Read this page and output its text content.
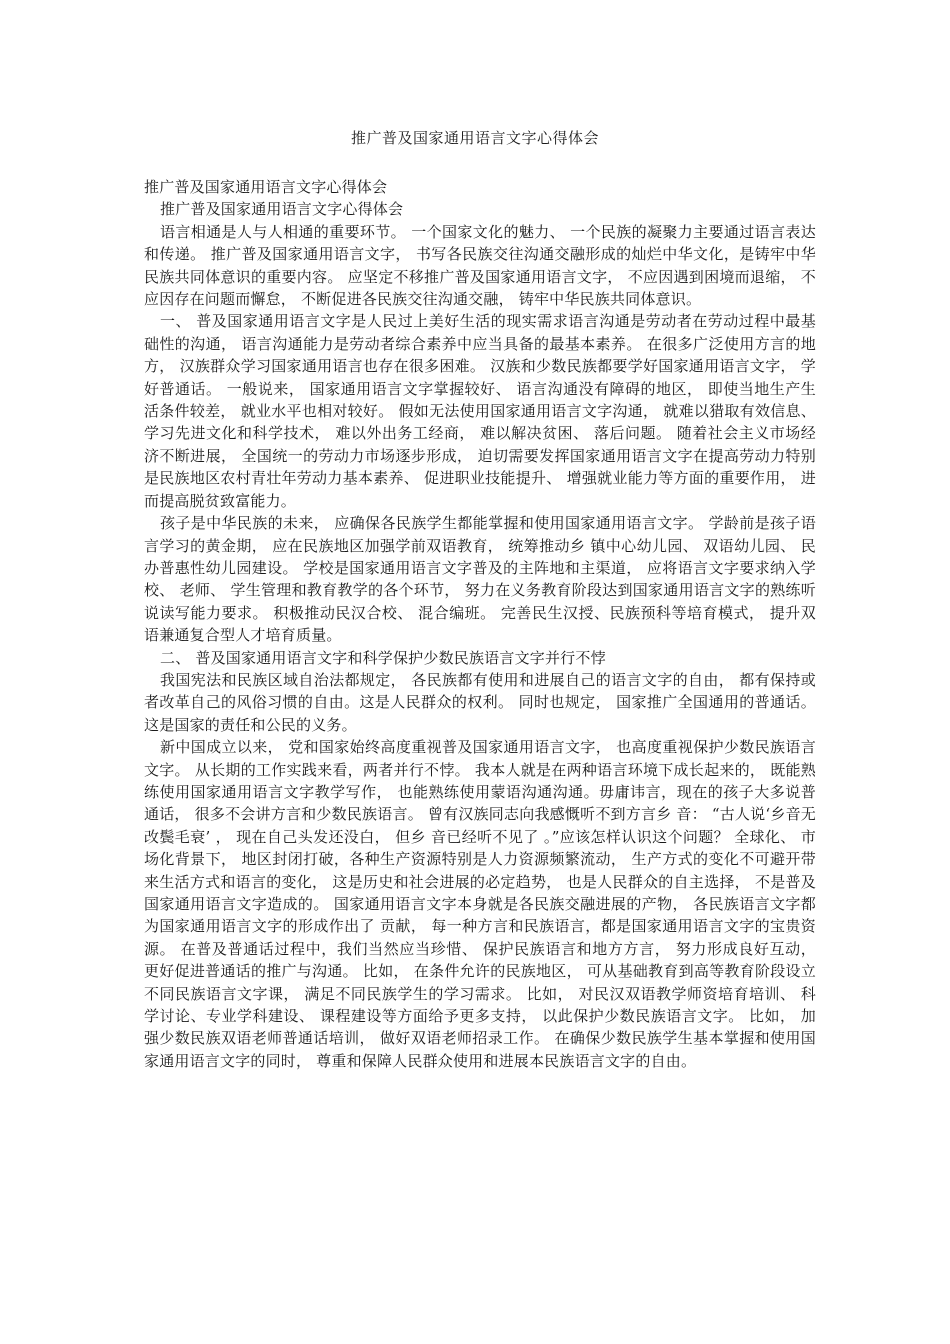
推广普及国家通用语言文字心得体会

推广普及国家通用语言文字心得体会

推广普及国家通用语言文字心得体会

语言相通是人与人相通的重要环节。 一个国家文化的魅力、 一个民族的凝聚力主要通过语言表达和传递。 推广普及国家通用语言文字， 书写各民族交往沟通交融形成的灿烂中华文化，是铸牢中华民族共同体意识的重要内容。 应坚定不移推广普及国家通用语言文字， 不应因遇到困境而退缩， 不应因存在问题而懈怠， 不断促进各民族交往沟通交融， 铸牢中华民族共同体意识。

一、 普及国家通用语言文字是人民过上美好生活的现实需求语言沟通是劳动者在劳动过程中最基础性的沟通， 语言沟通能力是劳动者综合素养中应当具备的最基本素养。 在很多广泛使用方言的地方， 汉族群众学习国家通用语言也存在很多困难。 汉族和少数民族都要学好国家通用语言文字， 学好普通话。 一般说来， 国家通用语言文字掌握较好、 语言沟通没有障碍的地区， 即使当地生产生活条件较差， 就业水平也相对较好。 假如无法使用国家通用语言文字沟通， 就难以猎取有效信息、 学习先进文化和科学技术， 难以外出务工经商， 难以解决贫困、 落后问题。 随着社会主义市场经济不断进展， 全国统一的劳动力市场逐步形成， 迫切需要发挥国家通用语言文字在提高劳动力特别是民族地区农村青壮年劳动力基本素养、 促进职业技能提升、 增强就业能力等方面的重要作用， 进而提高脱贫致富能力。

孩子是中华民族的未来， 应确保各民族学生都能掌握和使用国家通用语言文字。 学龄前是孩子语言学习的黄金期， 应在民族地区加强学前双语教育， 统筹推动乡 镇中心幼儿园、 双语幼儿园、 民办普惠性幼儿园建设。 学校是国家通用语言文字普及的主阵地和主渠道， 应将语言文字要求纳入学校、 老师、 学生管理和教育教学的各个环节， 努力在义务教育阶段达到国家通用语言文字的熟练听说读写能力要求。 积极推动民汉合校、 混合编班。 完善民生汉授、民族预科等培育模式， 提升双语兼通复合型人才培育质量。

二、 普及国家通用语言文字和科学保护少数民族语言文字并行不悖

我国宪法和民族区域自治法都规定， 各民族都有使用和进展自己的语言文字的自由， 都有保持或者改革自己的风俗习惯的自由。这是人民群众的权利。 同时也规定， 国家推广全国通用的普通话。这是国家的责任和公民的义务。

新中国成立以来， 党和国家始终高度重视普及国家通用语言文字， 也高度重视保护少数民族语言文字。 从长期的工作实践来看，两者并行不悖。 我本人就是在两种语言环境下成长起来的， 既能熟练使用国家通用语言文字教学写作， 也能熟练使用蒙语沟通沟通。毋庸讳言，现在的孩子大多说普通话， 很多不会讲方言和少数民族语言。 曾有汉族同志向我感慨听不到方言乡 音： “古人说‘乡音无改鬓毛衰’ ， 现在自己头发还没白， 但乡 音已经听不见了 。”应该怎样认识这个问题？ 全球化、 市场化背景下， 地区封闭打破，各种生产资源特别是人力资源频繁流动， 生产方式的变化不可避开带来生活方式和语言的变化， 这是历史和社会进展的必定趋势， 也是人民群众的自主选择， 不是普及国家通用语言文字造成的。 国家通用语言文字本身就是各民族交融进展的产物， 各民族语言文字都为国家通用语言文字的形成作出了 贡献， 每一种方言和民族语言，都是国家通用语言文字的宝贵资源。 在普及普通话过程中，我们当然应当珍惜、 保护民族语言和地方方言， 努力形成良好互动， 更好促进普通话的推广与沟通。 比如， 在条件允许的民族地区， 可从基础教育到高等教育阶段设立不同民族语言文字课， 满足不同民族学生的学习需求。 比如， 对民汉双语教学师资培育培训、 科学讨论、专业学科建设、 课程建设等方面给予更多支持， 以此保护少数民族语言文字。 比如， 加强少数民族双语老师普通话培训， 做好双语老师招录工作。 在确保少数民族学生基本掌握和使用国家通用语言文字的同时， 尊重和保障人民群众使用和进展本民族语言文字的自由。
